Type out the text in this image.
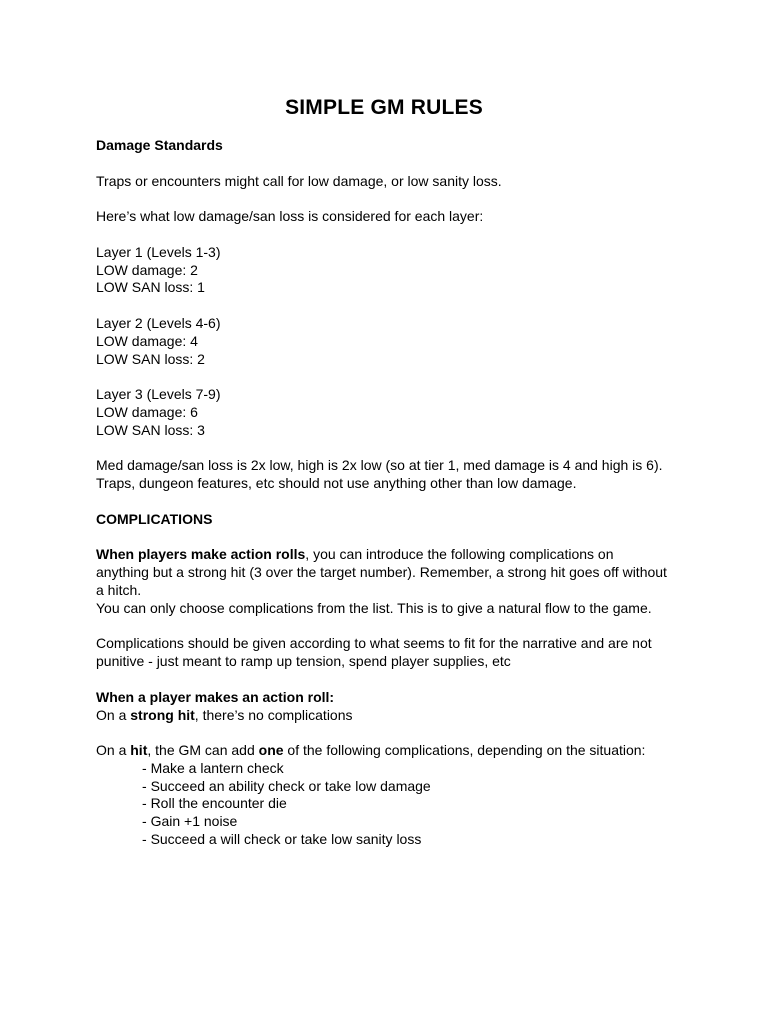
SIMPLE GM RULES

Damage Standards

Traps or encounters might call for low damage, or low sanity loss.

Here’s what low damage/san loss is considered for each layer:

Layer 1 (Levels 1-3)
LOW damage: 2
LOW SAN loss: 1

Layer 2 (Levels 4-6)
LOW damage: 4
LOW SAN loss: 2

Layer 3 (Levels 7-9)
LOW damage: 6
LOW SAN loss: 3

Med damage/san loss is 2x low, high is 2x low (so at tier 1, med damage is 4 and high is 6).
Traps, dungeon features, etc should not use anything other than low damage.

COMPLICATIONS

When players make action rolls, you can introduce the following complications on anything but a strong hit (3 over the target number). Remember, a strong hit goes off without a hitch.
You can only choose complications from the list. This is to give a natural flow to the game.

Complications should be given according to what seems to fit for the narrative and are not punitive - just meant to ramp up tension, spend player supplies, etc

When a player makes an action roll:
On a strong hit, there’s no complications

On a hit, the GM can add one of the following complications, depending on the situation:

- Make a lantern check
- Succeed an ability check or take low damage
- Roll the encounter die
- Gain +1 noise
- Succeed a will check or take low sanity loss
